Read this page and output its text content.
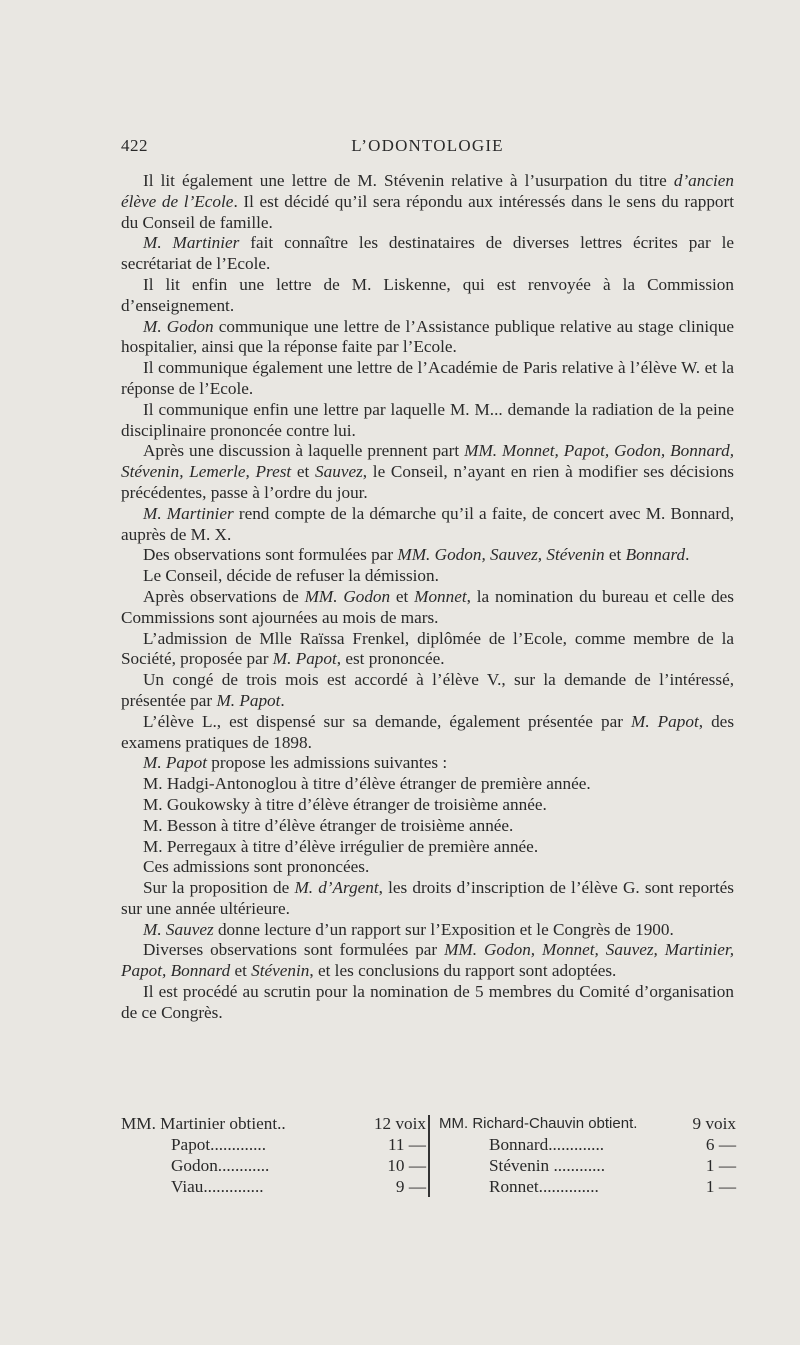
422	L’ODONTOLOGIE

Il lit également une lettre de M. Stévenin relative à l’usurpation du titre d’ancien élève de l’Ecole. Il est décidé qu’il sera répondu aux intéressés dans le sens du rapport du Conseil de famille.

M. Martinier fait connaître les destinataires de diverses lettres écrites par le secrétariat de l’Ecole.

Il lit enfin une lettre de M. Liskenne, qui est renvoyée à la Commission d’enseignement.

M. Godon communique une lettre de l’Assistance publique relative au stage clinique hospitalier, ainsi que la réponse faite par l’Ecole.

Il communique également une lettre de l’Académie de Paris relative à l’élève W. et la réponse de l’Ecole.

Il communique enfin une lettre par laquelle M. M... demande la radiation de la peine disciplinaire prononcée contre lui.

Après une discussion à laquelle prennent part MM. Monnet, Papot, Godon, Bonnard, Stévenin, Lemerle, Prest et Sauvez, le Conseil, n’ayant en rien à modifier ses décisions précédentes, passe à l’ordre du jour.

M. Martinier rend compte de la démarche qu’il a faite, de concert avec M. Bonnard, auprès de M. X.

Des observations sont formulées par MM. Godon, Sauvez, Stévenin et Bonnard.

Le Conseil, décide de refuser la démission.

Après observations de MM. Godon et Monnet, la nomination du bureau et celle des Commissions sont ajournées au mois de mars.

L’admission de Mlle Raïssa Frenkel, diplômée de l’Ecole, comme membre de la Société, proposée par M. Papot, est prononcée.

Un congé de trois mois est accordé à l’élève V., sur la demande de l’intéressé, présentée par M. Papot.

L’élève L., est dispensé sur sa demande, également présentée par M. Papot, des examens pratiques de 1898.

M. Papot propose les admissions suivantes :

M. Hadgi-Antonoglou à titre d’élève étranger de première année.

M. Goukowsky à titre d’élève étranger de troisième année.

M. Besson à titre d’élève étranger de troisième année.

M. Perregaux à titre d’élève irrégulier de première année.

Ces admissions sont prononcées.

Sur la proposition de M. d’Argent, les droits d’inscription de l’élève G. sont reportés sur une année ultérieure.

M. Sauvez donne lecture d’un rapport sur l’Exposition et le Congrès de 1900.

Diverses observations sont formulées par MM. Godon, Monnet, Sauvez, Martinier, Papot, Bonnard et Stévenin, et les conclusions du rapport sont adoptées.

Il est procédé au scrutin pour la nomination de 5 membres du Comité d’organisation de ce Congrès.

MM. Martinier obtient..	12 voix
Papot.............	11 —
Godon............	10 —
Viau..............	9 —
MM. Richard-Chauvin obtient.	9 voix
Bonnard.............	6 —
Stévenin ............	1 —
Ronnet..............	1 —
